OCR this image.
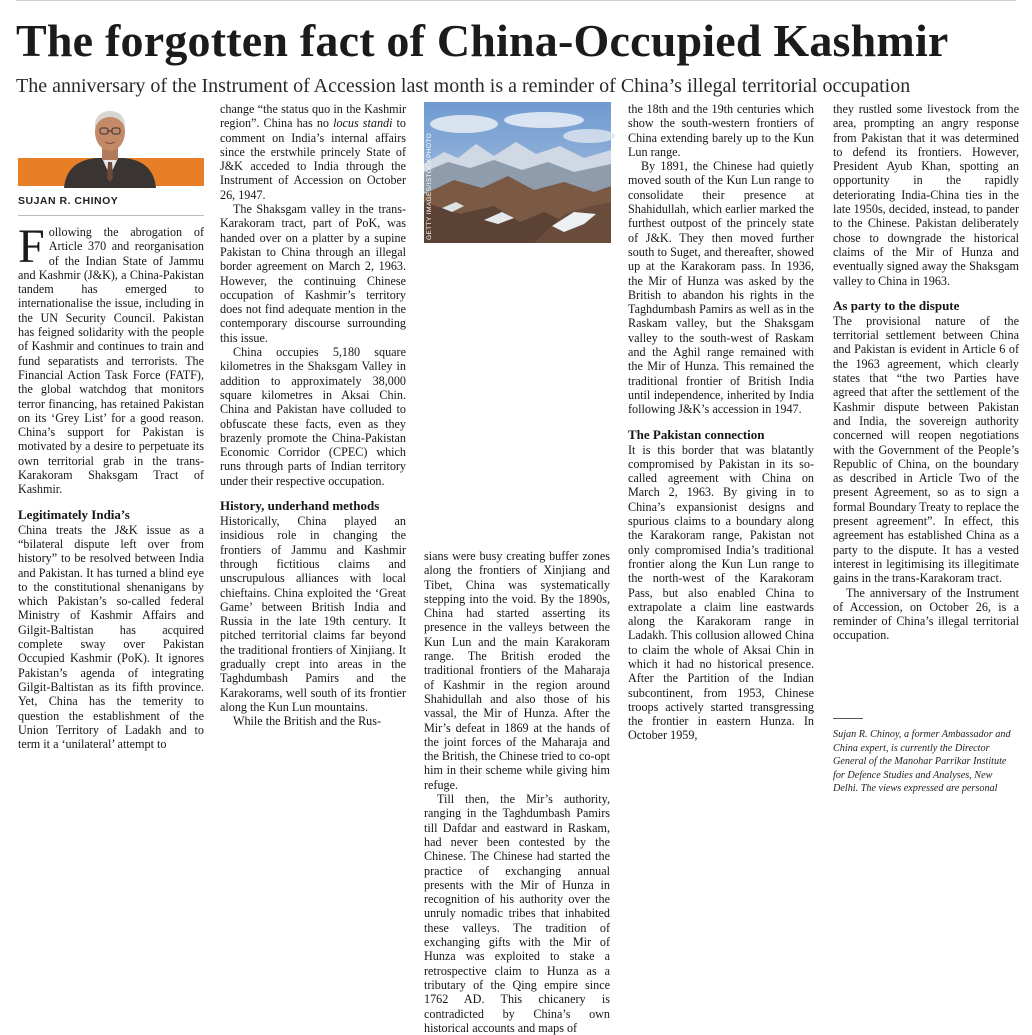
The forgotten fact of China-Occupied Kashmir
The anniversary of the Instrument of Accession last month is a reminder of China’s illegal territorial occupation
SUJAN R. CHINOY

Following the abrogation of Article 370 and reorganisation of the Indian State of Jammu and Kashmir (J&K), a China-Pakistan tandem has emerged to internationalise the issue, including in the UN Security Council. Pakistan has feigned solidarity with the people of Kashmir and continues to train and fund separatists and terrorists. The Financial Action Task Force (FATF), the global watchdog that monitors terror financing, has retained Pakistan on its ‘Grey List’ for a good reason. China’s support for Pakistan is motivated by a desire to perpetuate its own territorial grab in the trans-Karakoram Shaksgam Tract of Kashmir.

Legitimately India’s

China treats the J&K issue as a “bilateral dispute left over from history” to be resolved between India and Pakistan. It has turned a blind eye to the constitutional shenanigans by which Pakistan’s so-called federal Ministry of Kashmir Affairs and Gilgit-Baltistan has acquired complete sway over Pakistan Occupied Kashmir (PoK). It ignores Pakistan’s agenda of integrating Gilgit-Baltistan as its fifth province. Yet, China has the temerity to question the establishment of the Union Territory of Ladakh and to term it a ‘unilateral’ attempt to

change “the status quo in the Kashmir region”. China has no locus standi to comment on India’s internal affairs since the erstwhile princely State of J&K acceded to India through the Instrument of Accession on October 26, 1947.

The Shaksgam valley in the trans-Karakoram tract, part of PoK, was handed over on a platter by a supine Pakistan to China through an illegal border agreement on March 2, 1963. However, the continuing Chinese occupation of Kashmir’s territory does not find adequate mention in the contemporary discourse surrounding this issue.

China occupies 5,180 square kilometres in the Shaksgam Valley in addition to approximately 38,000 square kilometres in Aksai Chin. China and Pakistan have colluded to obfuscate these facts, even as they brazenly promote the China-Pakistan Economic Corridor (CPEC) which runs through parts of Indian territory under their respective occupation.

History, underhand methods

Historically, China played an insidious role in changing the frontiers of Jammu and Kashmir through fictitious claims and unscrupulous alliances with local chieftains. China exploited the ‘Great Game’ between British India and Russia in the late 19th century. It pitched territorial claims far beyond the traditional frontiers of Xinjiang. It gradually crept into areas in the Taghdumbash Pamirs and the Karakorams, well south of its frontier along the Kun Lun mountains.

While the British and the Rus-

GETTY IMAGES/ISTOCKPHOTO

sians were busy creating buffer zones along the frontiers of Xinjiang and Tibet, China was systematically stepping into the void. By the 1890s, China had started asserting its presence in the valleys between the Kun Lun and the main Karakoram range. The British eroded the traditional frontiers of the Maharaja of Kashmir in the region around Shahidullah and also those of his vassal, the Mir of Hunza. After the Mir’s defeat in 1869 at the hands of the joint forces of the Maharaja and the British, the Chinese tried to co-opt him in their scheme while giving him refuge.

Till then, the Mir’s authority, ranging in the Taghdumbash Pamirs till Dafdar and eastward in Raskam, had never been contested by the Chinese. The Chinese had started the practice of exchanging annual presents with the Mir of Hunza in recognition of his authority over the unruly nomadic tribes that inhabited these valleys. The tradition of exchanging gifts with the Mir of Hunza was exploited to stake a retrospective claim to Hunza as a tributary of the Qing empire since 1762 AD. This chicanery is contradicted by China’s own historical accounts and maps of

the 18th and the 19th centuries which show the south-western frontiers of China extending barely up to the Kun Lun range.

By 1891, the Chinese had quietly moved south of the Kun Lun range to consolidate their presence at Shahidullah, which earlier marked the furthest outpost of the princely state of J&K. They then moved further south to Suget, and thereafter, showed up at the Karakoram pass. In 1936, the Mir of Hunza was asked by the British to abandon his rights in the Taghdumbash Pamirs as well as in the Raskam valley, but the Shaksgam valley to the south-west of Raskam and the Aghil range remained with the Mir of Hunza. This remained the traditional frontier of British India until independence, inherited by India following J&K’s accession in 1947.

The Pakistan connection

It is this border that was blatantly compromised by Pakistan in its so-called agreement with China on March 2, 1963. By giving in to China’s expansionist designs and spurious claims to a boundary along the Karakoram range, Pakistan not only compromised India’s traditional frontier along the Kun Lun range to the north-west of the Karakoram Pass, but also enabled China to extrapolate a claim line eastwards along the Karakoram range in Ladakh. This collusion allowed China to claim the whole of Aksai Chin in which it had no historical presence. After the Partition of the Indian subcontinent, from 1953, Chinese troops actively started transgressing the frontier in eastern Hunza. In October 1959,

they rustled some livestock from the area, prompting an angry response from Pakistan that it was determined to defend its frontiers. However, President Ayub Khan, spotting an opportunity in the rapidly deteriorating India-China ties in the late 1950s, decided, instead, to pander to the Chinese. Pakistan deliberately chose to downgrade the historical claims of the Mir of Hunza and eventually signed away the Shaksgam valley to China in 1963.

As party to the dispute

The provisional nature of the territorial settlement between China and Pakistan is evident in Article 6 of the 1963 agreement, which clearly states that “the two Parties have agreed that after the settlement of the Kashmir dispute between Pakistan and India, the sovereign authority concerned will reopen negotiations with the Government of the People’s Republic of China, on the boundary as described in Article Two of the present Agreement, so as to sign a formal Boundary Treaty to replace the present agreement”. In effect, this agreement has established China as a party to the dispute. It has a vested interest in legitimising its illegitimate gains in the trans-Karakoram tract.

The anniversary of the Instrument of Accession, on October 26, is a reminder of China’s illegal territorial occupation.

Sujan R. Chinoy, a former Ambassador and China expert, is currently the Director General of the Manohar Parrikar Institute for Defence Studies and Analyses, New Delhi. The views expressed are personal
